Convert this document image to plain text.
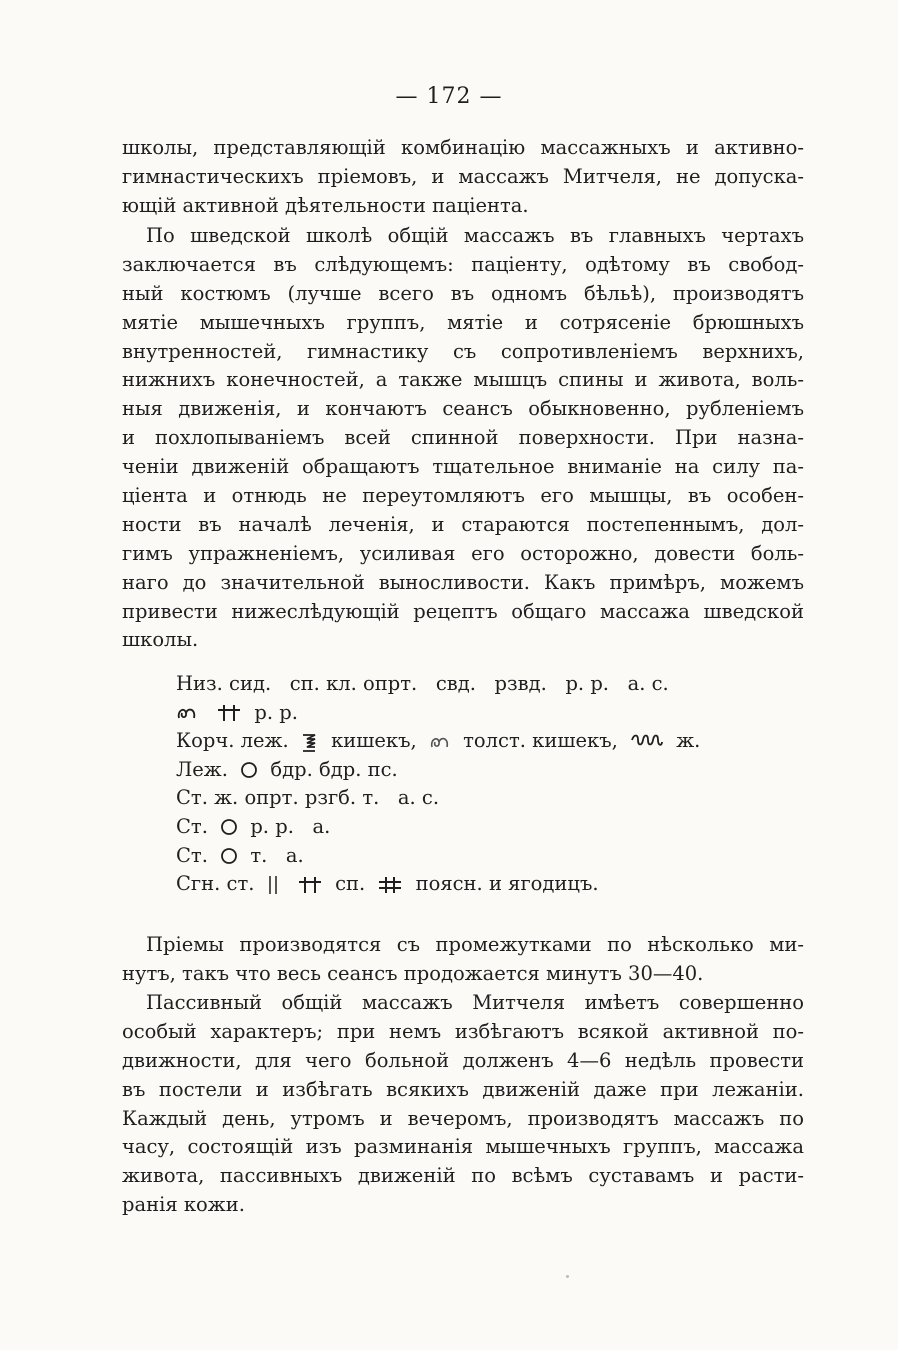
— 172 —
школы, представляющій комбинацію массажныхъ и активно-
гимнастическихъ пріемовъ, и массажъ Митчеля, не допуска-
ющій активной дѣятельности паціента.
По шведской школѣ общій массажъ въ главныхъ чертахъ
заключается въ слѣдующемъ: паціенту, одѣтому въ свобод-
ный костюмъ (лучше всего въ одномъ бѣльѣ), производятъ
мятіе мышечныхъ группъ, мятіе и сотрясеніе брюшныхъ
внутренностей, гимнастику съ сопротивленіемъ верхнихъ,
нижнихъ конечностей, а также мышцъ спины и живота, воль-
ныя движенія, и кончаютъ сеансъ обыкновенно, рубленіемъ
и похлопываніемъ всей спинной поверхности. При назна-
ченіи движеній обращаютъ тщательное вниманіе на силу па-
ціента и отнюдь не переутомляютъ его мышцы, въ особен-
ности въ началѣ леченія, и стараются постепеннымъ, дол-
гимъ упражненіемъ, усиливая его осторожно, довести боль-
наго до значительной выносливости. Какъ примѣръ, можемъ
привести нижеслѣдующій рецептъ общаго массажа шведской
школы.
Низ. сид.   сп. кл. опрт.   свд.   рзвд.   р. р.   а. с.
р. р.
Корч. леж. кишекъ, толст. кишекъ,	ж.
Леж. бдр. бдр. пс.
Ст. ж. опрт. рзгб. т.   а. с.
Ст. р. р.   а.
Ст. т.   а.
Сгн. ст.	сп.	поясн. и ягодицъ.
Пріемы производятся съ промежутками по нѣсколько ми-
нутъ, такъ что весь сеансъ продожается минутъ 30—40.
Пассивный общій массажъ Митчеля имѣетъ совершенно
особый характеръ; при немъ избѣгаютъ всякой активной по-
движности, для чего больной долженъ 4—6 недѣль провести
въ постели и избѣгать всякихъ движеній даже при лежаніи.
Каждый день, утромъ и вечеромъ, производятъ массажъ по
часу, состоящій изъ разминанія мышечныхъ группъ, массажа
живота, пассивныхъ движеній по всѣмъ суставамъ и расти-
ранія кожи.
